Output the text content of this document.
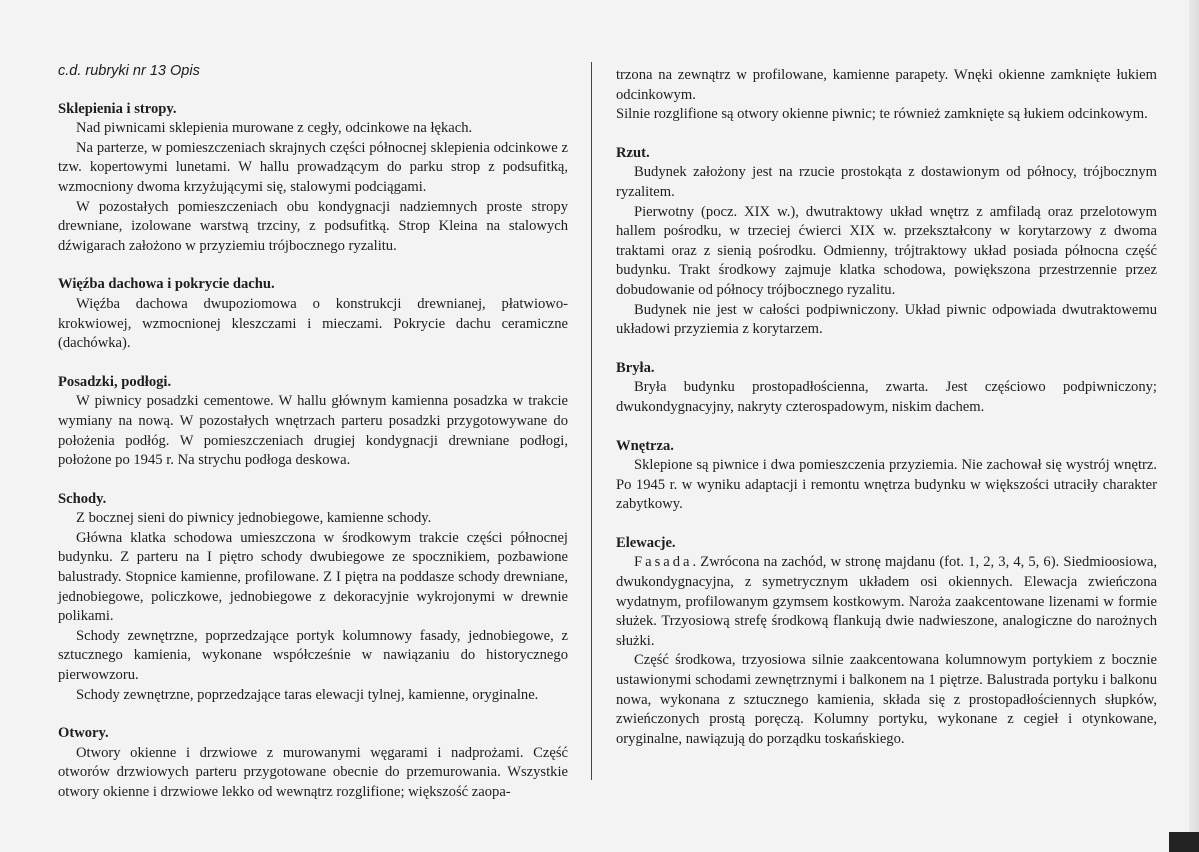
c.d. rubryki nr 13 Opis

Sklepienia i stropy.

Nad piwnicami sklepienia murowane z cegły, odcinkowe na łękach.

Na parterze, w pomieszczeniach skrajnych części północnej sklepienia odcinkowe z tzw. kopertowymi lunetami. W hallu prowadzącym do parku strop z podsufitką, wzmocniony dwoma krzyżującymi się, stalowymi podciągami.

W pozostałych pomieszczeniach obu kondygnacji nadziemnych proste stropy drewniane, izolowane warstwą trzciny, z podsufitką. Strop Kleina na stalowych dźwigarach założono w przyziemiu trójbocznego ryzalitu.

Więźba dachowa i pokrycie dachu.

Więźba dachowa dwupoziomowa o konstrukcji drewnianej, płatwiowo-krokwiowej, wzmocnionej kleszczami i mieczami. Pokrycie dachu ceramiczne (dachówka).

Posadzki, podłogi.

W piwnicy posadzki cementowe. W hallu głównym kamienna posadzka w trakcie wymiany na nową. W pozostałych wnętrzach parteru posadzki przygotowywane do położenia podłóg. W pomieszczeniach drugiej kondygnacji drewniane podłogi, położone po 1945 r. Na strychu podłoga deskowa.

Schody.

Z bocznej sieni do piwnicy jednobiegowe, kamienne schody.

Główna klatka schodowa umieszczona w środkowym trakcie części północnej budynku. Z parteru na I piętro schody dwubiegowe ze spocznikiem, pozbawione balustrady. Stopnice kamienne, profilowane. Z I piętra na poddasze schody drewniane, jednobiegowe, policzkowe, jednobiegowe z dekoracyjnie wykrojonymi w drewnie polikami.

Schody zewnętrzne, poprzedzające portyk kolumnowy fasady, jednobiegowe, z sztucznego kamienia, wykonane współcześnie w nawiązaniu do historycznego pierwowzoru.

Schody zewnętrzne, poprzedzające taras elewacji tylnej, kamienne, oryginalne.

Otwory.

Otwory okienne i drzwiowe z murowanymi węgarami i nadprożami. Część otworów drzwiowych parteru przygotowane obecnie do przemurowania. Wszystkie otwory okienne i drzwiowe lekko od wewnątrz rozglifione; większość zaopa-

trzona na zewnątrz w profilowane, kamienne parapety. Wnęki okienne zamknięte łukiem odcinkowym.

Silnie rozglifione są otwory okienne piwnic; te również zamknięte są łukiem odcinkowym.

Rzut.

Budynek założony jest na rzucie prostokąta z dostawionym od północy, trójbocznym ryzalitem.

Pierwotny (pocz. XIX w.), dwutraktowy układ wnętrz z amfiladą oraz przelotowym hallem pośrodku, w trzeciej ćwierci XIX w. przekształcony w korytarzowy z dwoma traktami oraz z sienią pośrodku. Odmienny, trójtraktowy układ posiada północna część budynku. Trakt środkowy zajmuje klatka schodowa, powiększona przestrzennie przez dobudowanie od północy trójbocznego ryzalitu.

Budynek nie jest w całości podpiwniczony. Układ piwnic odpowiada dwutraktowemu układowi przyziemia z korytarzem.

Bryła.

Bryła budynku prostopadłościenna, zwarta. Jest częściowo podpiwniczony; dwukondygnacyjny, nakryty czterospadowym, niskim dachem.

Wnętrza.

Sklepione są piwnice i dwa pomieszczenia przyziemia. Nie zachował się wystrój wnętrz. Po 1945 r. w wyniku adaptacji i remontu wnętrza budynku w większości utraciły charakter zabytkowy.

Elewacje.

Fasada. Zwrócona na zachód, w stronę majdanu (fot. 1, 2, 3, 4, 5, 6). Siedmioosiowa, dwukondygnacyjna, z symetrycznym układem osi okiennych. Elewacja zwieńczona wydatnym, profilowanym gzymsem kostkowym. Naroża zaakcentowane lizenami w formie służek. Trzyosiową strefę środkową flankują dwie nadwieszone, analogiczne do narożnych służki.

Część środkowa, trzyosiowa silnie zaakcentowana kolumnowym portykiem z bocznie ustawionymi schodami zewnętrznymi i balkonem na 1 piętrze. Balustrada portyku i balkonu nowa, wykonana z sztucznego kamienia, składa się z prostopadłościennych słupków, zwieńczonych prostą poręczą. Kolumny portyku, wykonane z cegieł i otynkowane, oryginalne, nawiązują do porządku toskańskiego.
